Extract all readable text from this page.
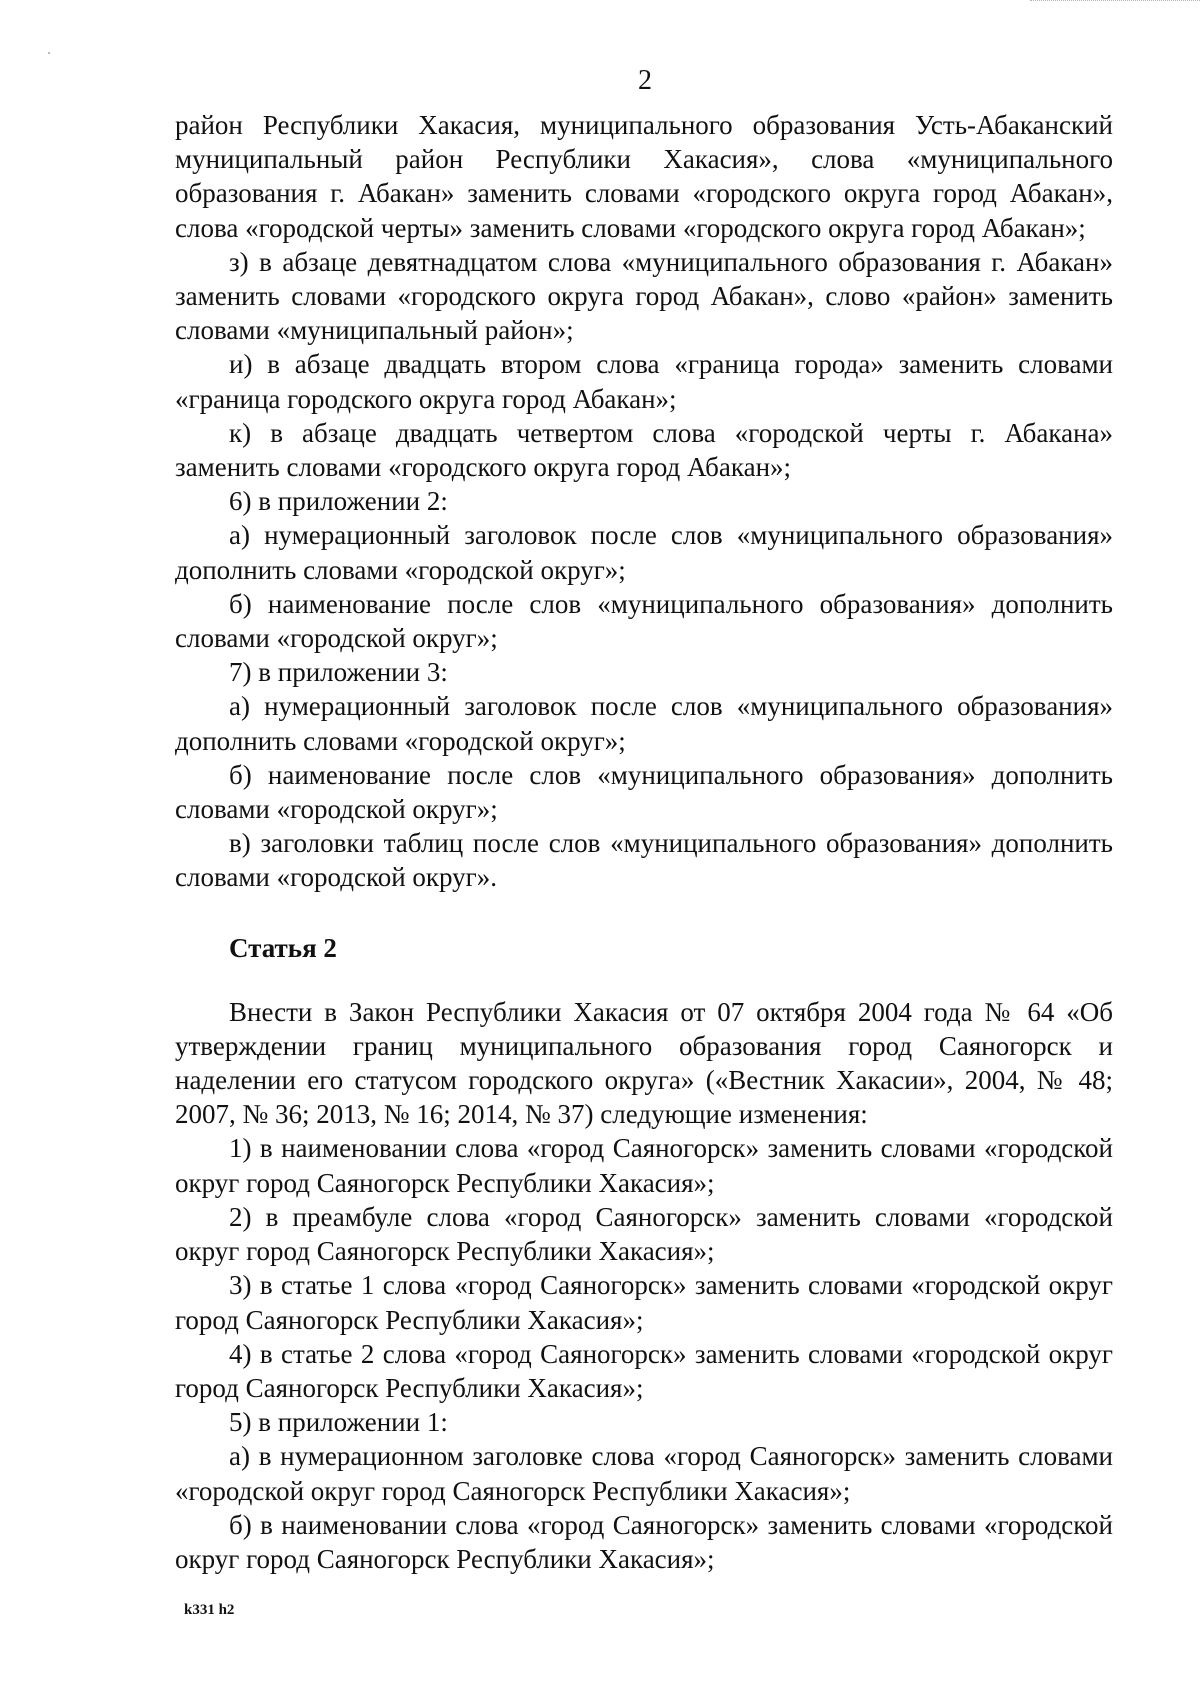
2

район Республики Хакасия, муниципального образования Усть-Абаканский муниципальный район Республики Хакасия», слова «муниципального образования г. Абакан» заменить словами «городского округа город Абакан», слова «городской черты» заменить словами «городского округа город Абакан»;

з) в абзаце девятнадцатом слова «муниципального образования г. Абакан» заменить словами «городского округа город Абакан», слово «район» заменить словами «муниципальный район»;

и) в абзаце двадцать втором слова «граница города» заменить словами «граница городского округа город Абакан»;

к) в абзаце двадцать четвертом слова «городской черты г. Абакана» заменить словами «городского округа город Абакан»;

6) в приложении 2:

а) нумерационный заголовок после слов «муниципального образования» дополнить словами «городской округ»;

б) наименование после слов «муниципального образования» дополнить словами «городской округ»;

7) в приложении 3:

а) нумерационный заголовок после слов «муниципального образования» дополнить словами «городской округ»;

б) наименование после слов «муниципального образования» дополнить словами «городской округ»;

в) заголовки таблиц после слов «муниципального образования» дополнить словами «городской округ».

Статья 2

Внести в Закон Республики Хакасия от 07 октября 2004 года № 64 «Об утверждении границ муниципального образования город Саяногорск и наделении его статусом городского округа» («Вестник Хакасии», 2004, № 48; 2007, № 36; 2013, № 16; 2014, № 37) следующие изменения:

1) в наименовании слова «город Саяногорск» заменить словами «городской округ город Саяногорск Республики Хакасия»;

2) в преамбуле слова «город Саяногорск» заменить словами «городской округ город Саяногорск Республики Хакасия»;

3) в статье 1 слова «город Саяногорск» заменить словами «городской округ город Саяногорск Республики Хакасия»;

4) в статье 2 слова «город Саяногорск» заменить словами «городской округ город Саяногорск Республики Хакасия»;

5) в приложении 1:

а) в нумерационном заголовке слова «город Саяногорск» заменить словами «городской округ город Саяногорск Республики Хакасия»;

б) в наименовании слова «город Саяногорск» заменить словами «городской округ город Саяногорск Республики Хакасия»;

k331 h2
